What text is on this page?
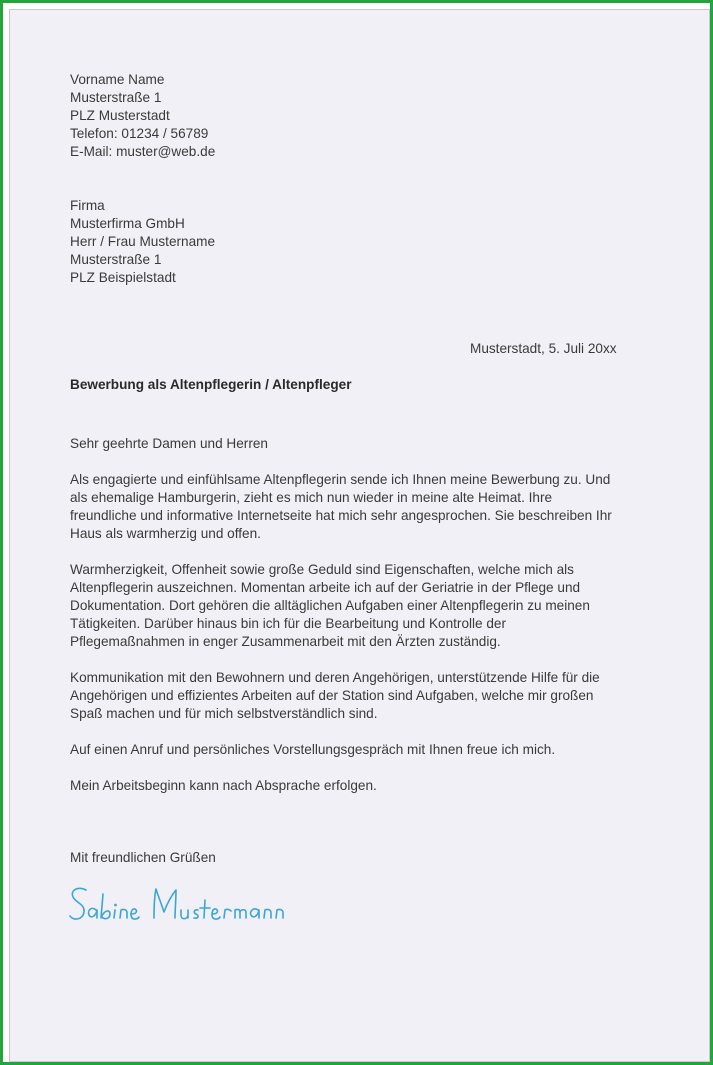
Vorname Name
Musterstraße 1
PLZ Musterstadt
Telefon: 01234 / 56789
E-Mail: muster@web.de
Firma
Musterfirma GmbH
Herr / Frau Mustername
Musterstraße 1
PLZ Beispielstadt
Musterstadt, 5. Juli 20xx
Bewerbung als Altenpflegerin / Altenpfleger
Sehr geehrte Damen und Herren
Als engagierte und einfühlsame Altenpflegerin sende ich Ihnen meine Bewerbung zu. Und
als ehemalige Hamburgerin, zieht es mich nun wieder in meine alte Heimat. Ihre
freundliche und informative Internetseite hat mich sehr angesprochen. Sie beschreiben Ihr
Haus als warmherzig und offen.
Warmherzigkeit, Offenheit sowie große Geduld sind Eigenschaften, welche mich als
Altenpflegerin auszeichnen. Momentan arbeite ich auf der Geriatrie in der Pflege und
Dokumentation. Dort gehören die alltäglichen Aufgaben einer Altenpflegerin zu meinen
Tätigkeiten. Darüber hinaus bin ich für die Bearbeitung und Kontrolle der
Pflegemaßnahmen in enger Zusammenarbeit mit den Ärzten zuständig.
Kommunikation mit den Bewohnern und deren Angehörigen, unterstützende Hilfe für die
Angehörigen und effizientes Arbeiten auf der Station sind Aufgaben, welche mir großen
Spaß machen und für mich selbstverständlich sind.
Auf einen Anruf und persönliches Vorstellungsgespräch mit Ihnen freue ich mich.
Mein Arbeitsbeginn kann nach Absprache erfolgen.
Mit freundlichen Grüßen
